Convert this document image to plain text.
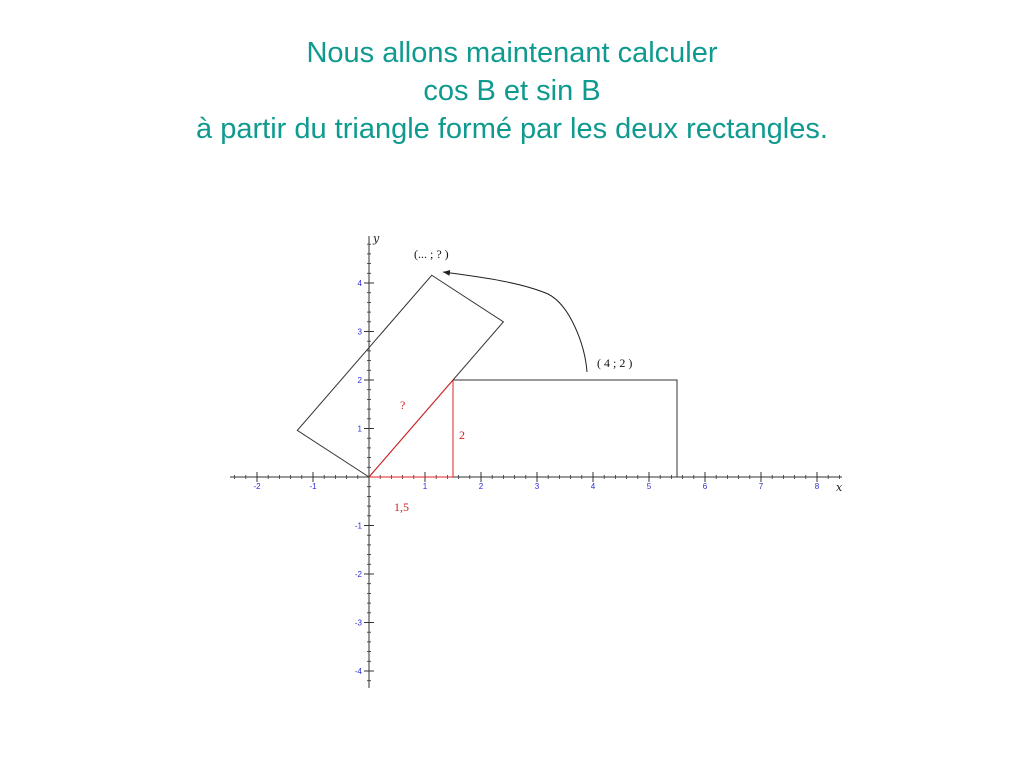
Nous allons maintenant calculer
cos B et sin B
à partir du triangle formé par les deux rectangles.
-2	-1	1	2	3	4	5	6	7	8 x
4
3
2
1
-1
-2
-3
-4
y
( 4 ; 2 )
(... ; ? )
?
2
1,5
